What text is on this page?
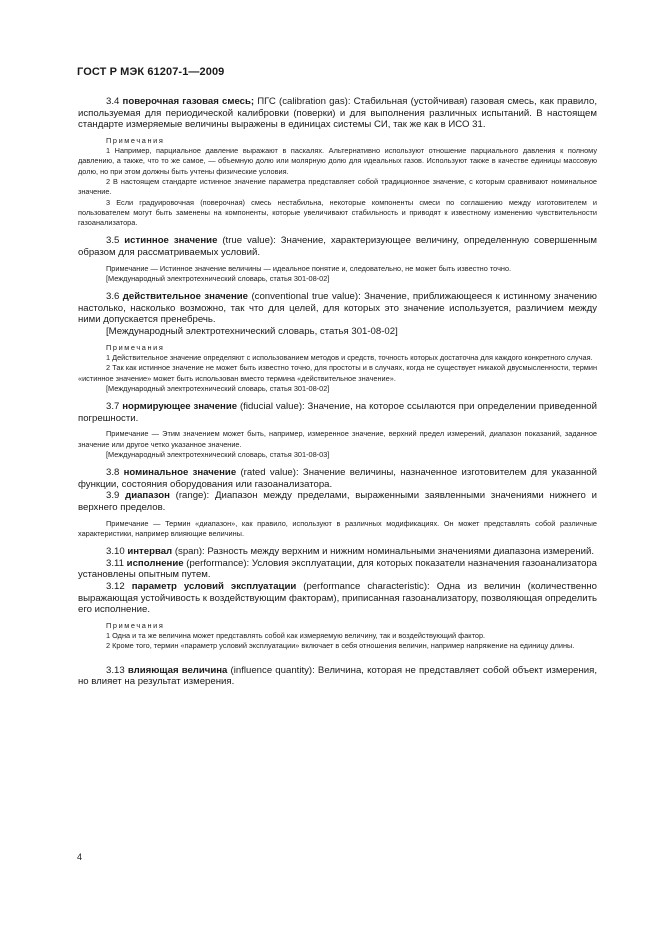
ГОСТ Р МЭК 61207-1—2009

3.4 поверочная газовая смесь; ПГС (calibration gas): Стабильная (устойчивая) газовая смесь, как правило, используемая для периодической калибровки (поверки) и для выполнения различных испытаний. В настоящем стандарте измеряемые величины выражены в единицах системы СИ, так же как в ИСО 31.

Примечания

1 Например, парциальное давление выражают в паскалях. Альтернативно используют отношение парциального давления к полному давлению, а также, что то же самое, — объемную долю или молярную долю для идеальных газов. Используют также в качестве единицы массовую долю, но при этом должны быть учтены физические условия.

2 В настоящем стандарте истинное значение параметра представляет собой традиционное значение, с которым сравнивают номинальное значение.

3 Если градуировочная (поверочная) смесь нестабильна, некоторые компоненты смеси по соглашению между изготовителем и пользователем могут быть заменены на компоненты, которые увеличивают стабильность и приводят к известному изменению чувствительности газоанализатора.

3.5 истинное значение (true value): Значение, характеризующее величину, определенную совершенным образом для рассматриваемых условий.

Примечание — Истинное значение величины — идеальное понятие и, следовательно, не может быть известно точно.

[Международный электротехнический словарь, статья 301-08-02]

3.6 действительное значение (conventional true value): Значение, приближающееся к истинному значению настолько, насколько возможно, так что для целей, для которых это значение используется, различием между ними допускается пренебречь.

[Международный электротехнический словарь, статья 301-08-02]

Примечания

1 Действительное значение определяют с использованием методов и средств, точность которых достаточна для каждого конкретного случая.

2 Так как истинное значение не может быть известно точно, для простоты и в случаях, когда не существует никакой двусмысленности, термин «истинное значение» может быть использован вместо термина «действительное значение».

[Международный электротехнический словарь, статья 301-08-02]

3.7 нормирующее значение (fiducial value): Значение, на которое ссылаются при определении приведенной погрешности.

Примечание — Этим значением может быть, например, измеренное значение, верхний предел измерений, диапазон показаний, заданное значение или другое четко указанное значение.

[Международный электротехнический словарь, статья 301-08-03]

3.8 номинальное значение (rated value): Значение величины, назначенное изготовителем для указанной функции, состояния оборудования или газоанализатора.

3.9 диапазон (range): Диапазон между пределами, выраженными заявленными значениями нижнего и верхнего пределов.

Примечание — Термин «диапазон», как правило, используют в различных модификациях. Он может представлять собой различные характеристики, например влияющие величины.

3.10 интервал (span): Разность между верхним и нижним номинальными значениями диапазона измерений.

3.11 исполнение (performance): Условия эксплуатации, для которых показатели назначения газоанализатора установлены опытным путем.

3.12 параметр условий эксплуатации (performance characteristic): Одна из величин (количественно выражающая устойчивость к воздействующим факторам), приписанная газоанализатору, позволяющая определить его исполнение.

Примечания

1 Одна и та же величина может представлять собой как измеряемую величину, так и воздействующий фактор.

2 Кроме того, термин «параметр условий эксплуатации» включает в себя отношения величин, например напряжение на единицу длины.

3.13 влияющая величина (influence quantity): Величина, которая не представляет собой объект измерения, но влияет на результат измерения.

4
